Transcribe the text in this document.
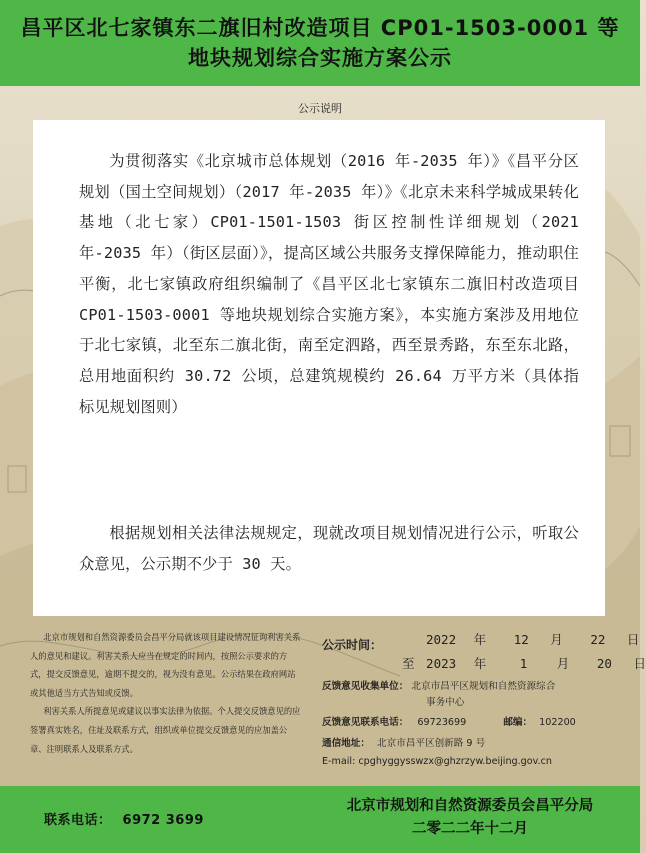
昌平区北七家镇东二旗旧村改造项目 CP01-1503-0001 等
地块规划综合实施方案公示
公示说明

为贯彻落实《北京城市总体规划（2016 年-2035 年）》《昌平分区规划（国土空间规划）（2017 年-2035 年）》《北京未来科学城成果转化基地（北七家）CP01-1501-1503 街区控制性详细规划（2021 年-2035 年）（街区层面）》，提高区域公共服务支撑保障能力，推动职住平衡，北七家镇政府组织编制了《昌平区北七家镇东二旗旧村改造项目 CP01-1503-0001 等地块规划综合实施方案》，本实施方案涉及用地位于北七家镇，北至东二旗北街，南至定泗路，西至景秀路，东至东北路，总用地面积约 30.72 公顷，总建筑规模约 26.64 万平方米（具体指标见规划图则）

根据规划相关法律法规规定，现就改项目规划情况进行公示，听取公众意见，公示期不少于 30 天。

北京市规划和自然资源委员会昌平分局就该项目建设情况征询利害关系人的意见和建议。利害关系人应当在规定的时间内，按照公示要求的方式，提交反馈意见，逾期不提交的，视为没有意见。公示结果在政府网站或其他适当方式告知或反馈。
利害关系人所提意见或建议以事实法律为依据。个人提交反馈意见的应签署真实姓名，住址及联系方式，组织或单位提交反馈意见的应加盖公章、注明联系人及联系方式。
公示时间：	2022 年 12 月 22 日
至 2023 年	1 月 20 日
反馈意见收集单位： 北京市昌平区规划和自然资源综合
事务中心
反馈意见联系电话： 69723699	邮编： 102200
通信地址： 北京市昌平区创新路 9 号
E-mail: cpghyggysswzx@ghzrzyw.beijing.gov.cn
联系电话： 6972 3699
北京市规划和自然资源委员会昌平分局
二零二二年十二月
